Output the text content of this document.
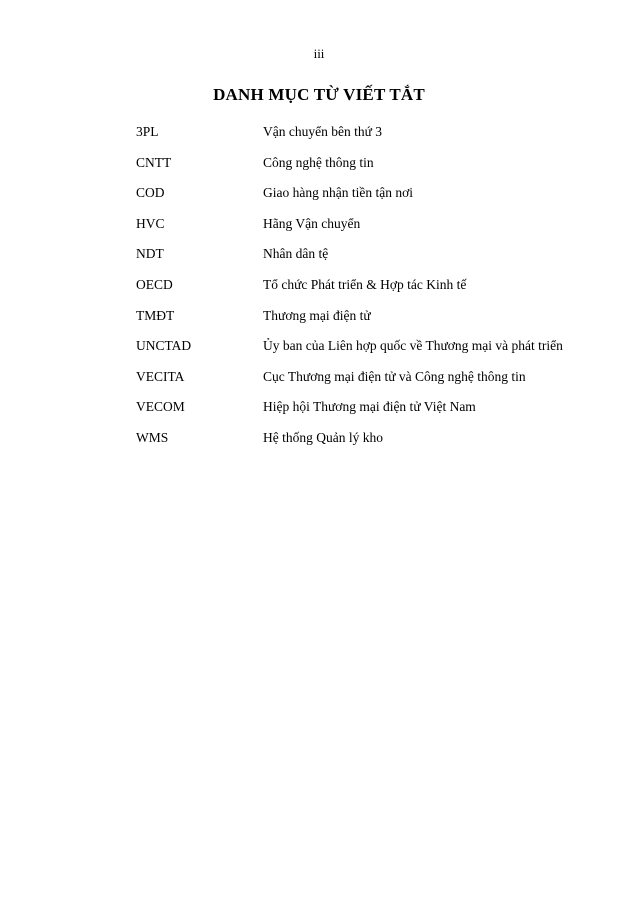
iii

DANH MỤC TỪ VIẾT TẮT
3PL	Vận chuyển bên thứ 3
CNTT	Công nghệ thông tin
COD	Giao hàng nhận tiền tận nơi
HVC	Hãng Vận chuyển
NDT	Nhân dân tệ
OECD	Tổ chức Phát triển & Hợp tác Kinh tế
TMĐT	Thương mại điện tử
UNCTAD	Ủy ban của Liên hợp quốc về Thương mại và phát triển
VECITA	Cục Thương mại điện tử và Công nghệ thông tin
VECOM	Hiệp hội Thương mại điện tử Việt Nam
WMS	Hệ thống Quản lý kho
